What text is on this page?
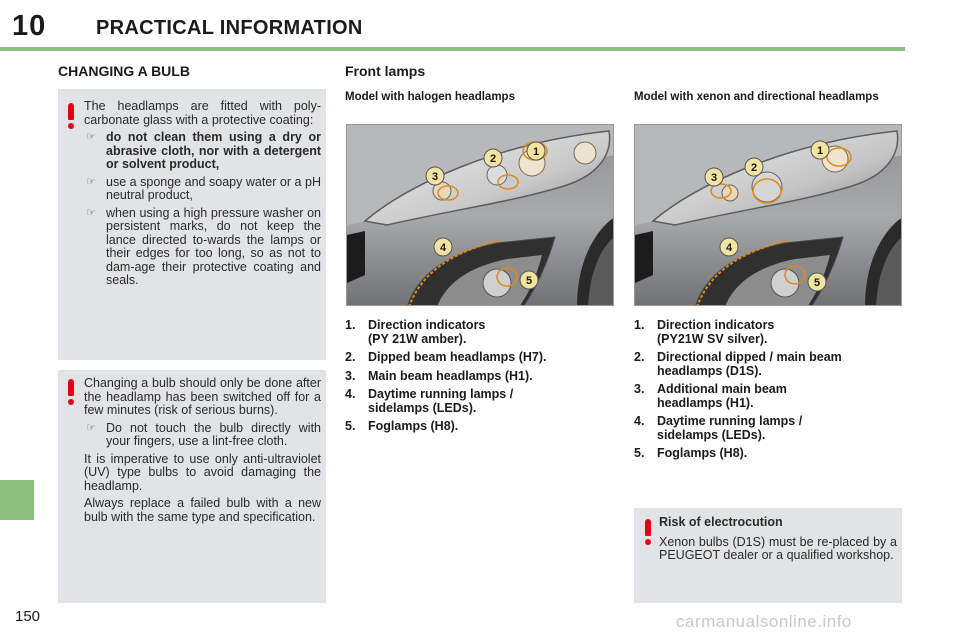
10 PRACTICAL INFORMATION
CHANGING A BULB

The headlamps are fitted with poly-carbonate glass with a protective coating:

☞ do not clean them using a dry or abrasive cloth, nor with a detergent or solvent product,
☞ use a sponge and soapy water or a pH neutral product,
☞ when using a high pressure washer on persistent marks, do not keep the lance directed to-wards the lamps or their edges for too long, so as not to dam-age their protective coating and seals.

Changing a bulb should only be done after the headlamp has been switched off for a few minutes (risk of serious burns).

☞ Do not touch the bulb directly with your fingers, use a lint-free cloth.

It is imperative to use only anti-ultraviolet (UV) type bulbs to avoid damaging the headlamp.

Always replace a failed bulb with a new bulb with the same type and specification.

Front lamps
Model with halogen headlamps	Model with xenon and directional headlamps
1
2
3
4
5
1
2
3
4
5
1. Direction indicators
(PY 21W amber).
2. Dipped beam headlamps (H7).
3. Main beam headlamps (H1).
4. Daytime running lamps /
sidelamps (LEDs).
5. Foglamps (H8).
1. Direction indicators
(PY21W SV silver).
2. Directional dipped / main beam
headlamps (D1S).
3. Additional main beam
headlamps (H1).
4. Daytime running lamps /
sidelamps (LEDs).
5. Foglamps (H8).
Risk of electrocution
Xenon bulbs (D1S) must be re-placed by a PEUGEOT dealer or a qualified workshop.
150	carmanualsonline.info
